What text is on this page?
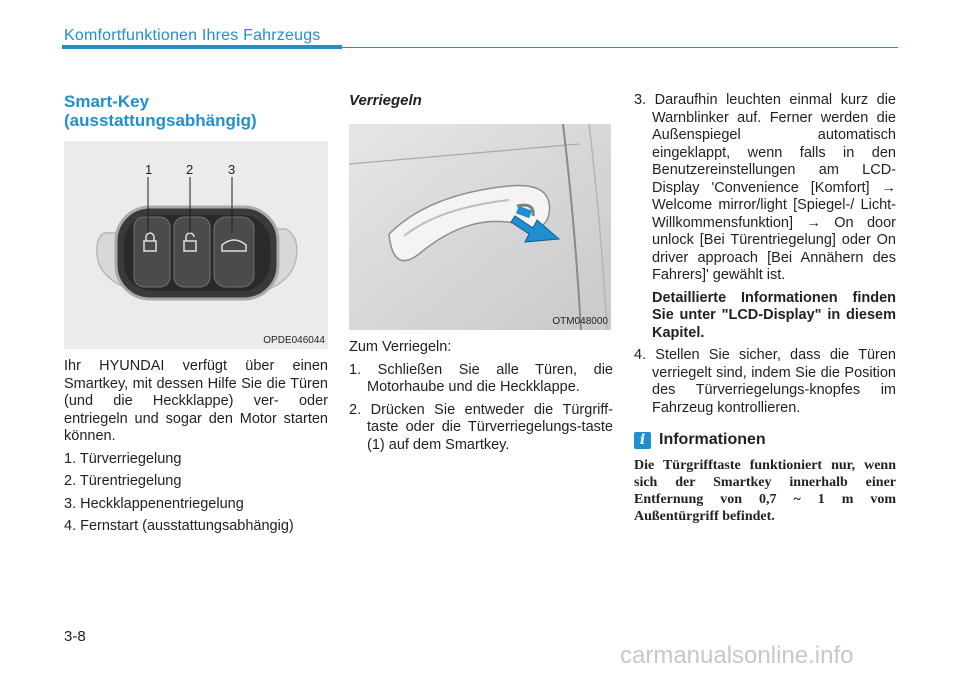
Komfortfunktionen Ihres Fahrzeugs
Smart-Key (ausstattungsabhängig)
1	2	3
OPDE046044

Ihr HYUNDAI verfügt über einen Smartkey, mit dessen Hilfe Sie die Türen (und die Heckklappe) ver- oder entriegeln und sogar den Motor starten können.

1. Türverriegelung
2. Türentriegelung
3. Heckklappenentriegelung
4. Fernstart (ausstattungsabhängig)
Verriegeln
OTM048000

Zum Verriegeln:

1. Schließen Sie alle Türen, die Motorhaube und die Heckklappe.
2. Drücken Sie entweder die Türgriff-taste oder die Türverriegelungs-taste (1) auf dem Smartkey.
3. Daraufhin leuchten einmal kurz die Warnblinker auf. Ferner werden die Außenspiegel automatisch eingeklappt, wenn falls in den Benutzereinstellungen am LCD-Display 'Convenience [Komfort] → Welcome mirror/light [Spiegel-/ Licht-Willkommensfunktion] → On door unlock [Bei Türentriegelung] oder On driver approach [Bei Annähern des Fahrers]' gewählt ist.
Detaillierte Informationen finden Sie unter "LCD-Display" in diesem Kapitel.
4. Stellen Sie sicher, dass die Türen verriegelt sind, indem Sie die Position des Türverriegelungs-knopfes im Fahrzeug kontrollieren.
i Informationen
Die Türgrifftaste funktioniert nur, wenn sich der Smartkey innerhalb einer Entfernung von 0,7 ~ 1 m vom Außentürgriff befindet.
3-8
carmanualsonline.info
